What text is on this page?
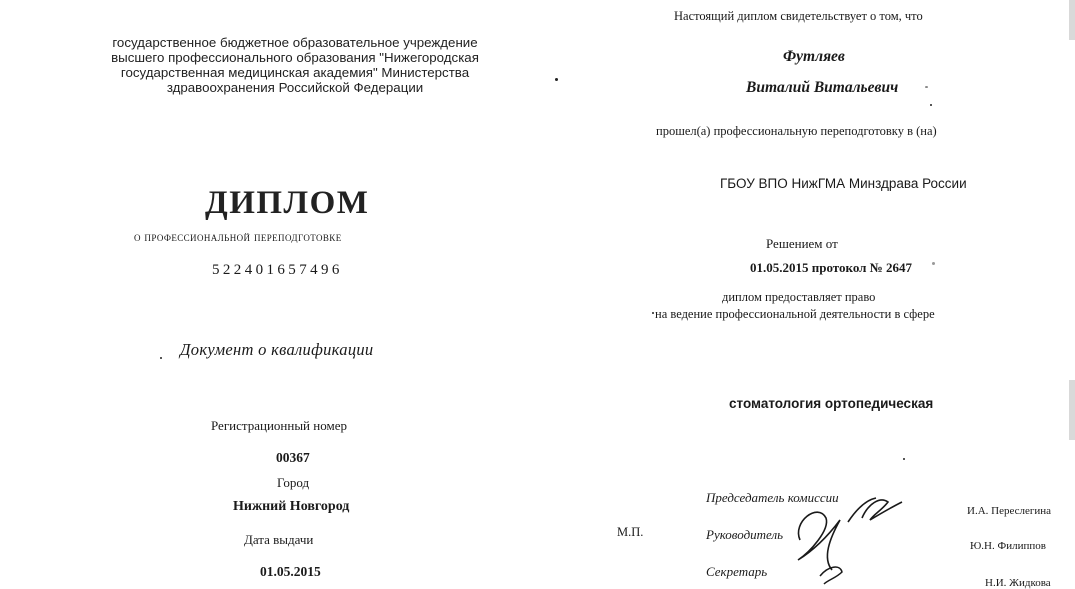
государственное бюджетное образовательное учреждение высшего профессионального образования "Нижегородская государственная медицинская академия" Министерства здравоохранения Российской Федерации
ДИПЛОМ
о профессиональной переподготовке
522401657496
Документ о квалификации
Регистрационный номер
00367
Город
Нижний Новгород
Дата выдачи
01.05.2015
Настоящий диплом свидетельствует о том, что
Футляев
Виталий Витальевич
прошел(а) профессиональную переподготовку в (на)
ГБОУ ВПО НижГМА Минздрава России
Решением от
01.05.2015 протокол № 2647
диплом предоставляет право
на ведение профессиональной деятельности в сфере
стоматология ортопедическая
М.П.
Председатель комиссии
Руководитель
Секретарь
И.А. Переслегина
Ю.Н. Филиппов
Н.И. Жидкова
